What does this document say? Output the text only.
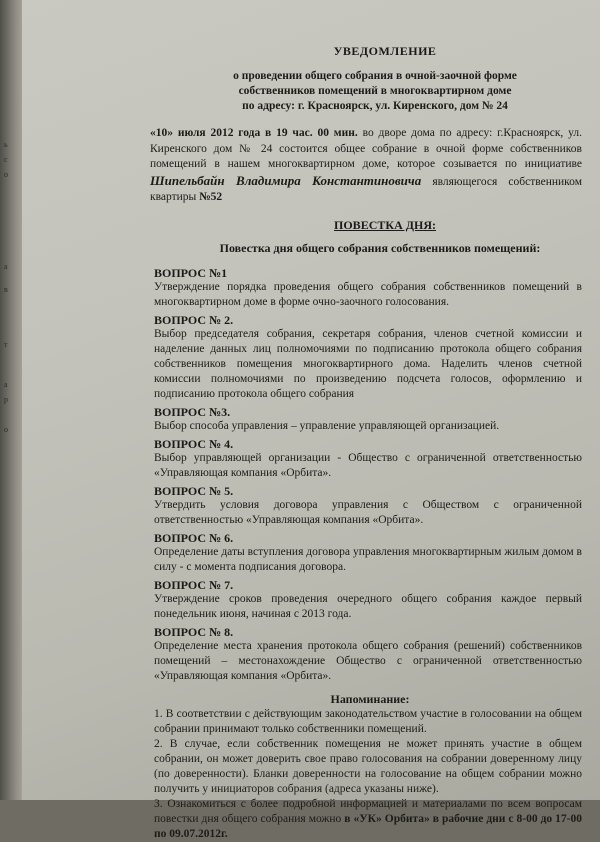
ь
с
о
а
в
т
а
р
о
УВЕДОМЛЕНИЕ
о проведении общего собрания в очной-заочной форме
собственников помещений в многоквартирном доме
по адресу: г. Красноярск, ул. Киренского, дом № 24
«10» июля 2012 года в 19 час. 00 мин. во дворе дома по адресу: г.Красноярск, ул. Киренского дом № 24 состоится общее собрание в очной форме собственников помещений в нашем многоквартирном доме, которое созывается по инициативе Шипельбайн Владимира Константиновича являющегося собственником квартиры №52
ПОВЕСТКА ДНЯ:
Повестка дня общего собрания собственников помещений:
ВОПРОС №1
Утверждение порядка проведения общего собрания собственников помещений в многоквартирном доме в форме очно-заочного голосования.
ВОПРОС № 2.
Выбор председателя собрания, секретаря собрания, членов счетной комиссии и наделение данных лиц полномочиями по подписанию протокола общего собрания собственников помещения многоквартирного дома. Наделить членов счетной комиссии полномочиями по произведению подсчета голосов, оформлению и подписанию протокола общего собрания
ВОПРОС №3.
Выбор способа управления – управление управляющей организацией.
ВОПРОС № 4.
Выбор управляющей организации - Общество с ограниченной ответственностью «Управляющая компания «Орбита».
ВОПРОС № 5.
Утвердить условия договора управления с Обществом с ограниченной ответственностью «Управляющая компания «Орбита».
ВОПРОС № 6.
Определение даты вступления договора управления многоквартирным жилым домом в силу - с момента подписания договора.
ВОПРОС № 7.
Утверждение сроков проведения очередного общего собрания каждое первый понедельник июня, начиная с 2013 года.
ВОПРОС № 8.
Определение места хранения протокола общего собрания (решений) собственников помещений – местонахождение Общество с ограниченной ответственностью «Управляющая компания «Орбита».
Напоминание:
1. В соответствии с действующим законодательством участие в голосовании на общем собрании принимают только собственники помещений.
2. В случае, если собственник помещения не может принять участие в общем собрании, он может доверить свое право голосования на собрании доверенному лицу (по доверенности). Бланки доверенности на голосование на общем собрании можно получить у инициаторов собрания (адреса указаны ниже).
3. Ознакомиться с более подробной информацией и материалами по всем вопросам повестки дня общего собрания можно в «УК» Орбита» в рабочие дни с 8-00 до 17-00 по 09.07.2012г.
